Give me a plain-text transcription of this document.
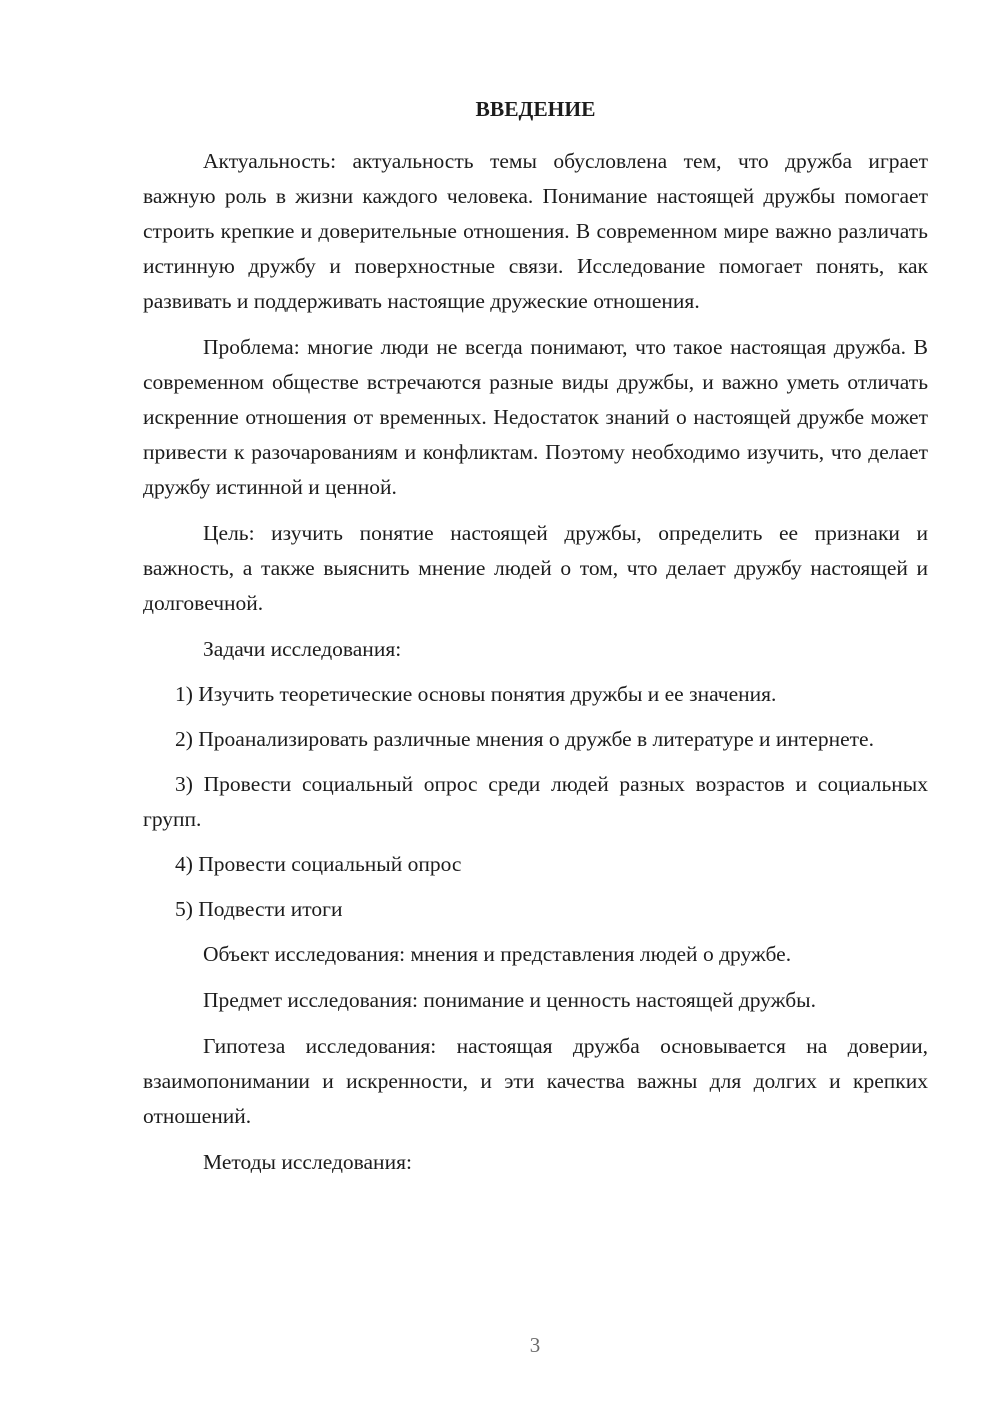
ВВЕДЕНИЕ

Актуальность: актуальность темы обусловлена тем, что дружба играет важную роль в жизни каждого человека. Понимание настоящей дружбы помогает строить крепкие и доверительные отношения. В современном мире важно различать истинную дружбу и поверхностные связи. Исследование помогает понять, как развивать и поддерживать настоящие дружеские отношения.

Проблема: многие люди не всегда понимают, что такое настоящая дружба. В современном обществе встречаются разные виды дружбы, и важно уметь отличать искренние отношения от временных. Недостаток знаний о настоящей дружбе может привести к разочарованиям и конфликтам. Поэтому необходимо изучить, что делает дружбу истинной и ценной.

Цель: изучить понятие настоящей дружбы, определить ее признаки и важность, а также выяснить мнение людей о том, что делает дружбу настоящей и долговечной.

Задачи исследования:

1) Изучить теоретические основы понятия дружбы и ее значения.

2) Проанализировать различные мнения о дружбе в литературе и интернете.

3) Провести социальный опрос среди людей разных возрастов и социальных групп.

4) Провести социальный опрос

5) Подвести итоги

Объект исследования: мнения и представления людей о дружбе.

Предмет исследования: понимание и ценность настоящей дружбы.

Гипотеза исследования: настоящая дружба основывается на доверии, взаимопонимании и искренности, и эти качества важны для долгих и крепких отношений.

Методы исследования:

3
